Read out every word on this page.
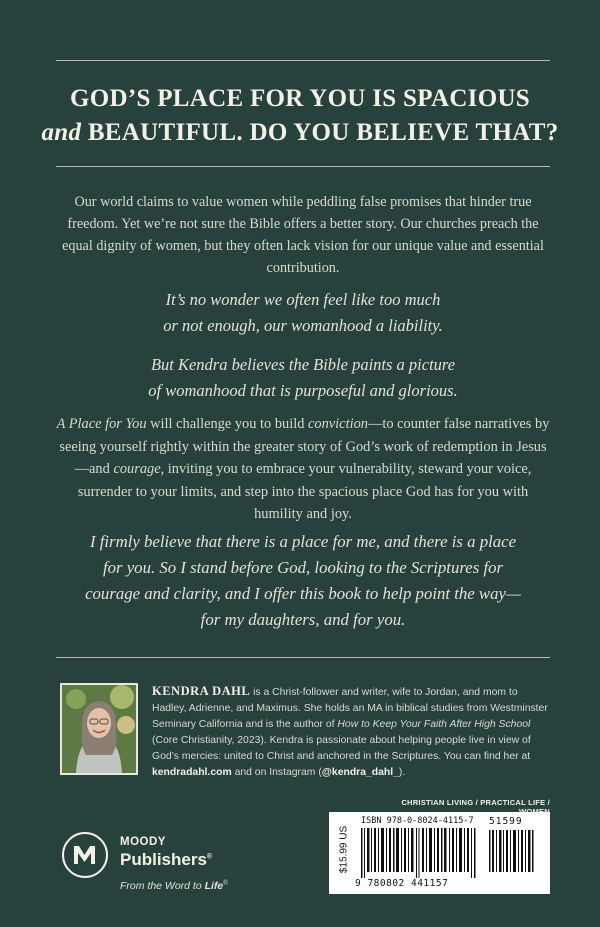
GOD’S PLACE FOR YOU IS SPACIOUS
and BEAUTIFUL. DO YOU BELIEVE THAT?
Our world claims to value women while peddling false promises that hinder true freedom. Yet we’re not sure the Bible offers a better story. Our churches preach the equal dignity of women, but they often lack vision for our unique value and essential contribution.
It’s no wonder we often feel like too much
or not enough, our womanhood a liability.
But Kendra believes the Bible paints a picture
of womanhood that is purposeful and glorious.
A Place for You will challenge you to build conviction—to counter false narratives by seeing yourself rightly within the greater story of God’s work of redemption in Jesus—and courage, inviting you to embrace your vulnerability, steward your voice, surrender to your limits, and step into the spacious place God has for you with humility and joy.
I firmly believe that there is a place for me, and there is a place
for you. So I stand before God, looking to the Scriptures for
courage and clarity, and I offer this book to help point the way—
for my daughters, and for you.
KENDRA DAHL is a Christ-follower and writer, wife to Jordan, and mom to Hadley, Adrienne, and Maximus. She holds an MA in biblical studies from Westminster Seminary California and is the author of How to Keep Your Faith After High School (Core Christianity, 2023). Kendra is passionate about helping people live in view of God’s mercies: united to Christ and anchored in the Scriptures. You can find her at kendradahl.com and on Instagram (@kendra_dahl_).
CHRISTIAN LIVING / PRACTICAL LIFE /
$15.99 US
ISBN 978-0-8024-4115-7
9 780802 441157
51599
MOODY
Publishers®
From the Word to Life®
